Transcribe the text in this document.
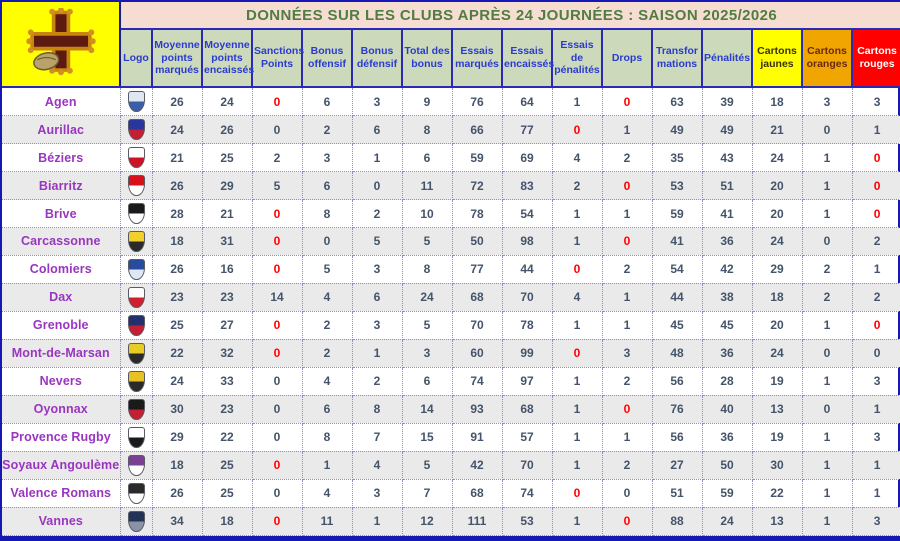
	DONNÉES SUR LES CLUBS APRÈS 24 JOURNÉES : SAISON 2025/2026															
	Logo	Moyenne points marqués	Moyenne points encaissés	Sanctions Points	Bonus offensif	Bonus défensif	Total des bonus	Essais marqués	Essais encaissés	Essais de pénalités	Drops	Transfor mations	Pénalités	Cartons jaunes	Cartons oranges	Cartons rouges
Agen		26	24	0	6	3	9	76	64	1	0	63	39	18	3	3
Aurillac		24	26	0	2	6	8	66	77	0	1	49	49	21	0	1
Béziers		21	25	2	3	1	6	59	69	4	2	35	43	24	1	0
Biarritz		26	29	5	6	0	11	72	83	2	0	53	51	20	1	0
Brive		28	21	0	8	2	10	78	54	1	1	59	41	20	1	0
Carcassonne		18	31	0	0	5	5	50	98	1	0	41	36	24	0	2
Colomiers		26	16	0	5	3	8	77	44	0	2	54	42	29	2	1
Dax		23	23	14	4	6	24	68	70	4	1	44	38	18	2	2
Grenoble		25	27	0	2	3	5	70	78	1	1	45	45	20	1	0
Mont-de-Marsan		22	32	0	2	1	3	60	99	0	3	48	36	24	0	0
Nevers		24	33	0	4	2	6	74	97	1	2	56	28	19	1	3
Oyonnax		30	23	0	6	8	14	93	68	1	0	76	40	13	0	1
Provence Rugby		29	22	0	8	7	15	91	57	1	1	56	36	19	1	3
Soyaux Angoulème		18	25	0	1	4	5	42	70	1	2	27	50	30	1	1
Valence Romans		26	25	0	4	3	7	68	74	0	0	51	59	22	1	1
Vannes		34	18	0	11	1	12	111	53	1	0	88	24	13	1	3
